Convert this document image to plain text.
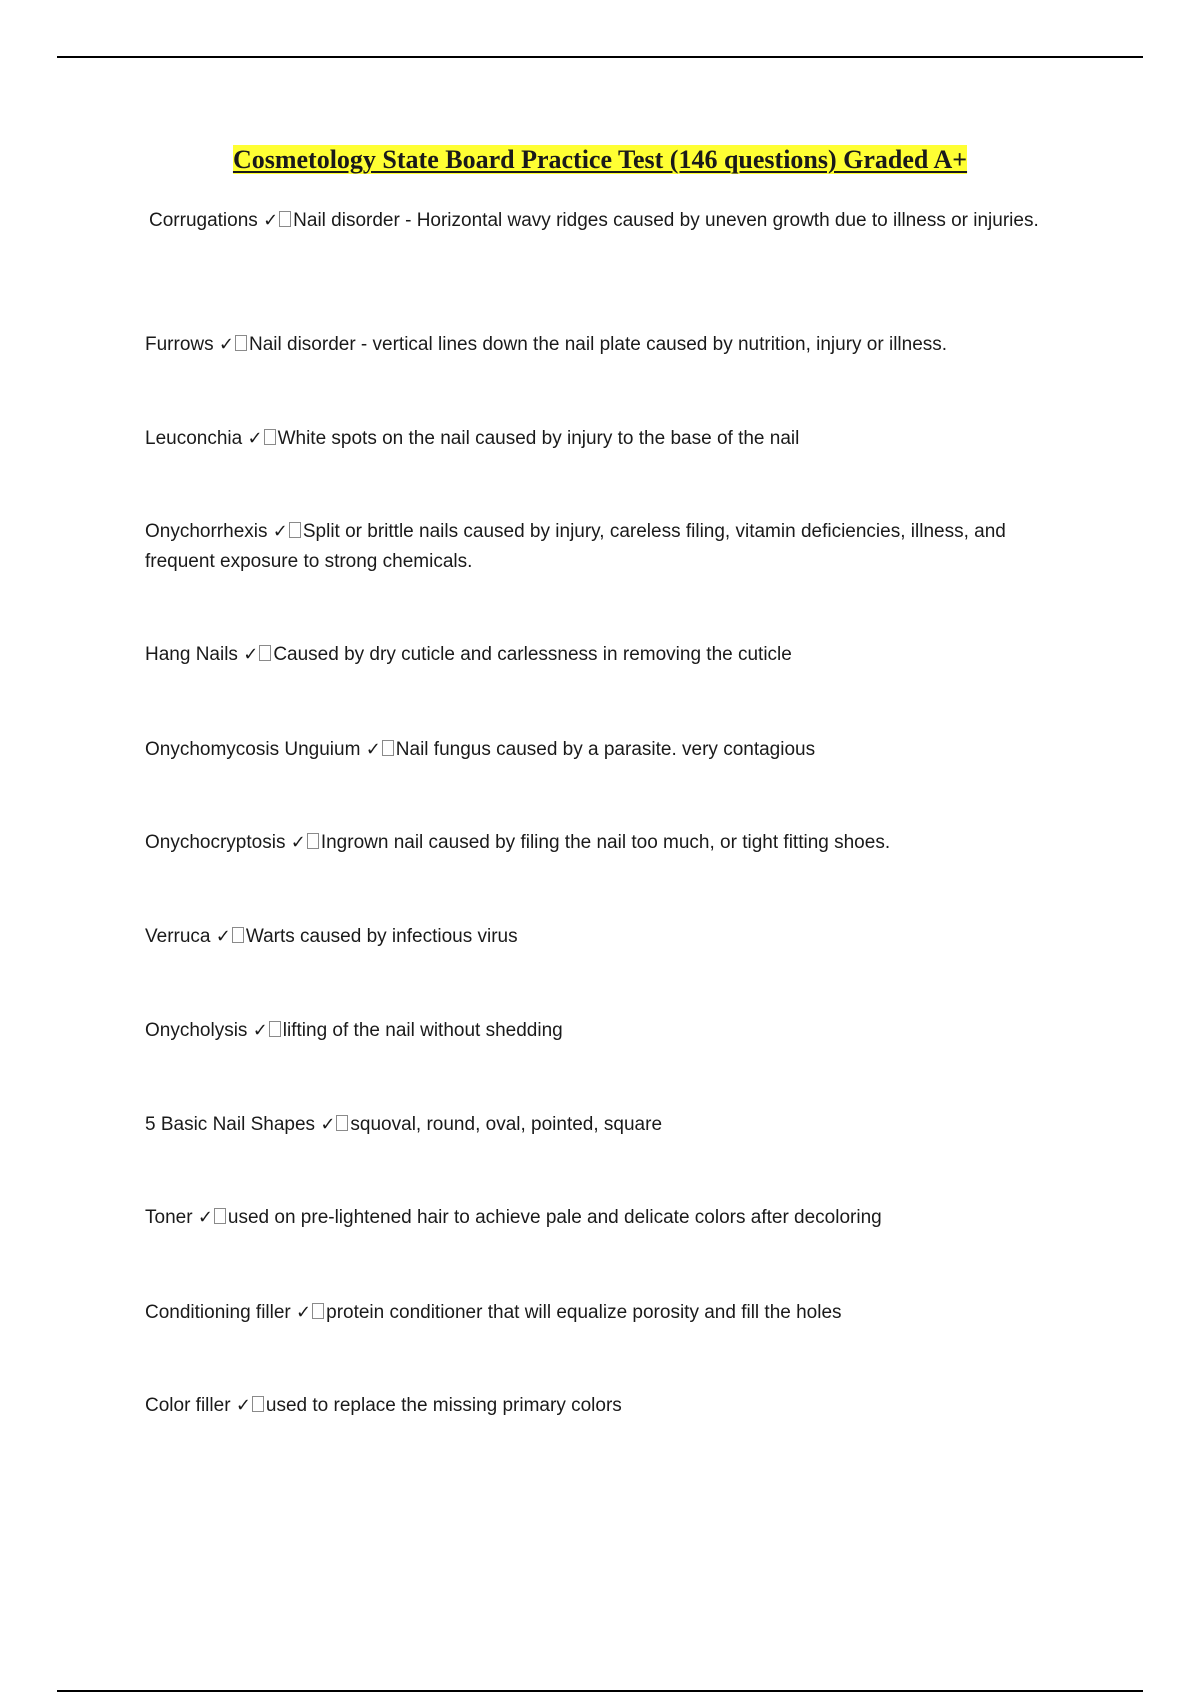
Cosmetology State Board Practice Test (146 questions) Graded A+
Corrugations ✓ Nail disorder - Horizontal wavy ridges caused by uneven growth due to illness or injuries.
Furrows ✓ Nail disorder - vertical lines down the nail plate caused by nutrition, injury or illness.
Leuconchia ✓ White spots on the nail caused by injury to the base of the nail
Onychorrhexis ✓ Split or brittle nails caused by injury, careless filing, vitamin deficiencies, illness, and frequent exposure to strong chemicals.
Hang Nails ✓ Caused by dry cuticle and carlessness in removing the cuticle
Onychomycosis Unguium ✓ Nail fungus caused by a parasite. very contagious
Onychocryptosis ✓ Ingrown nail caused by filing the nail too much, or tight fitting shoes.
Verruca ✓ Warts caused by infectious virus
Onycholysis ✓ lifting of the nail without shedding
5 Basic Nail Shapes ✓ squoval, round, oval, pointed, square
Toner ✓ used on pre-lightened hair to achieve pale and delicate colors after decoloring
Conditioning filler ✓ protein conditioner that will equalize porosity and fill the holes
Color filler ✓ used to replace the missing primary colors
